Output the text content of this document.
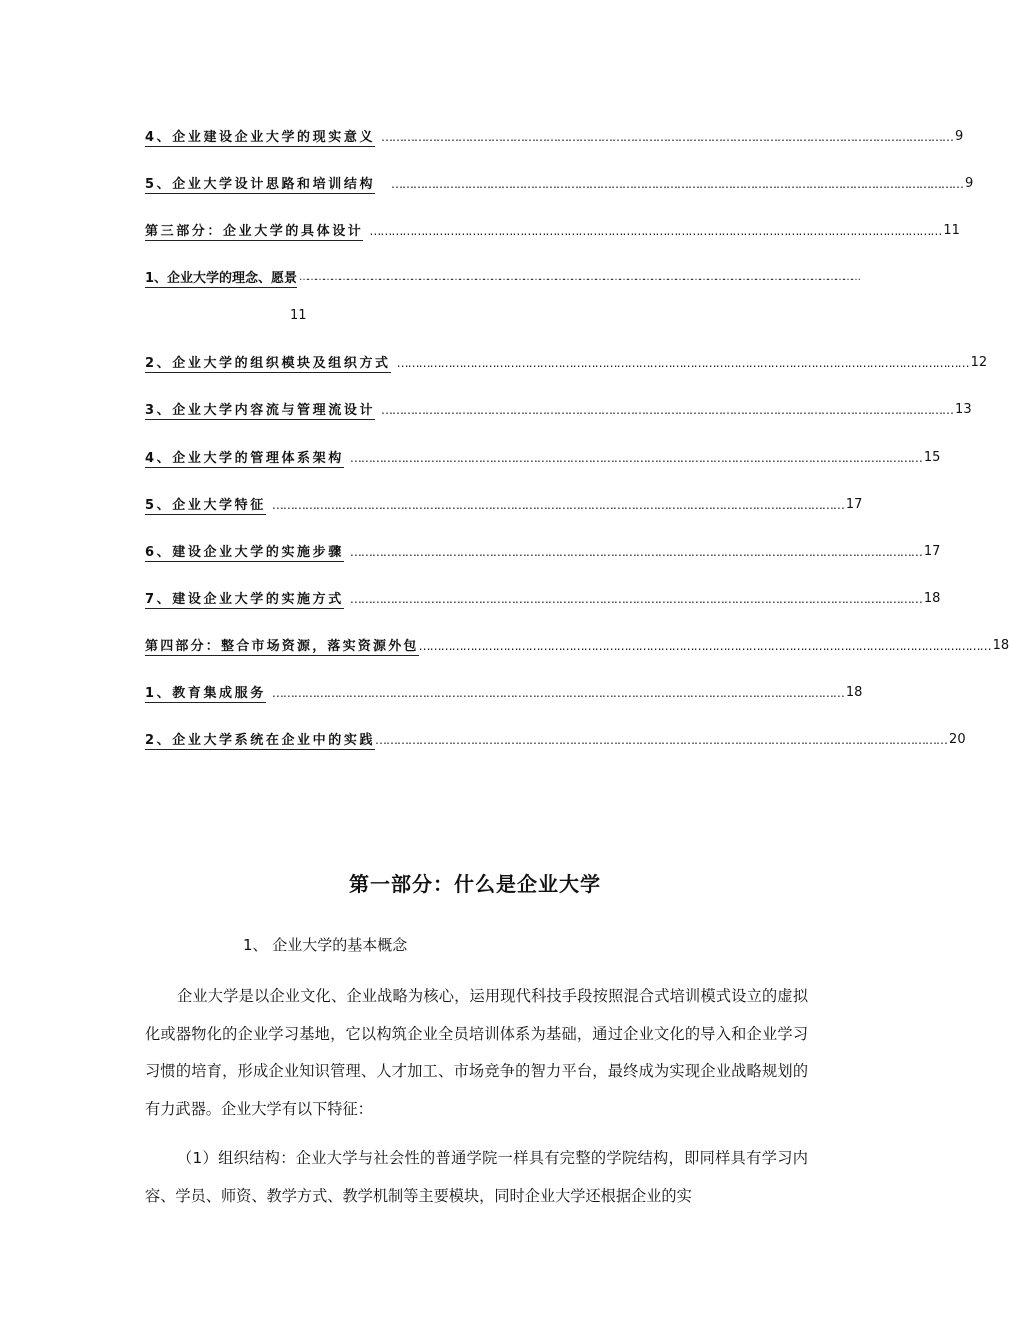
4、企业建设企业大学的现实意义 ………………………………………………………………………………………………………………………………………… 9
5、企业大学设计思路和培训结构	………………………………………………………………………………………………………………………………………… 9
第三部分：企业大学的具体设计 ………………………………………………………………………………………………………………………………………… 11
1、企业大学的理念、愿景 …………………………………………………………………………………………………………………………………………………………………………………………
11
2、企业大学的组织模块及组织方式 ………………………………………………………………………………………………………………………………………… 12
3、企业大学内容流与管理流设计 ………………………………………………………………………………………………………………………………………… 13
4、企业大学的管理体系架构 ………………………………………………………………………………………………………………………………………… 15
5、企业大学特征 ………………………………………………………………………………………………………………………………………… 17
6、建设企业大学的实施步骤 ………………………………………………………………………………………………………………………………………… 17
7、建设企业大学的实施方式 ………………………………………………………………………………………………………………………………………… 18
第四部分：整合市场资源，落实资源外包 ………………………………………………………………………………………………………………………………………… 18
1、教育集成服务 ………………………………………………………………………………………………………………………………………… 18
2、企业大学系统在企业中的实践 ………………………………………………………………………………………………………………………………………… 20
第一部分：什么是企业大学
1、 企业大学的基本概念

企业大学是以企业文化、企业战略为核心，运用现代科技手段按照混合式培训模式设立的虚拟化或器物化的企业学习基地，它以构筑企业全员培训体系为基础，通过企业文化的导入和企业学习习惯的培育，形成企业知识管理、人才加工、市场竞争的智力平台，最终成为实现企业战略规划的有力武器。企业大学有以下特征：

（1）组织结构：企业大学与社会性的普通学院一样具有完整的学院结构，即同样具有学习内容、学员、师资、教学方式、教学机制等主要模块，同时企业大学还根据企业的实
